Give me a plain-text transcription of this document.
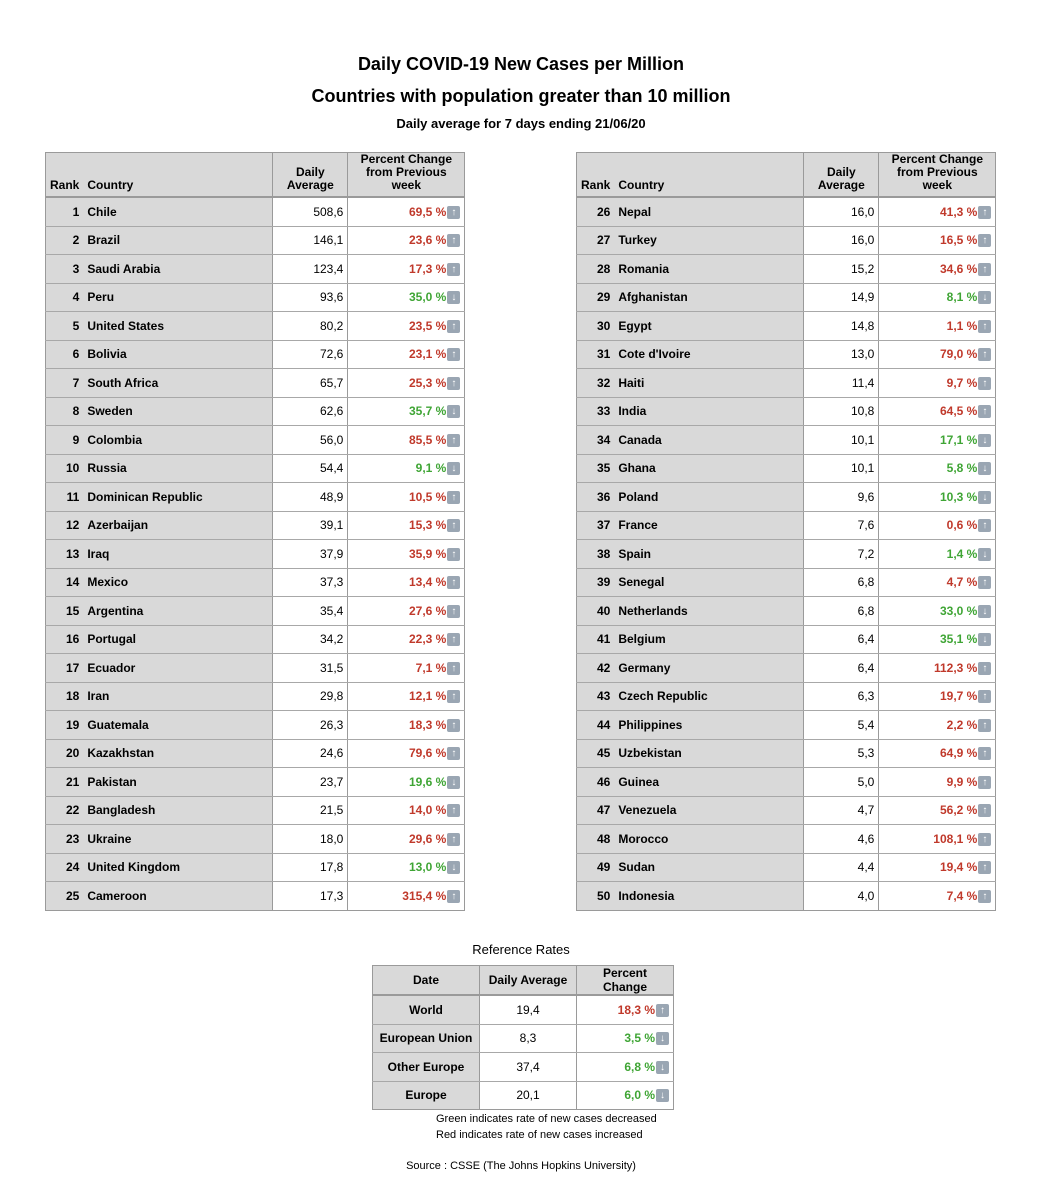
Daily COVID-19 New Cases per Million
Countries with population greater than 10 million
Daily average for 7 days ending 21/06/20
Rank	Country	Daily
Average	Percent Change
from Previous week
1	Chile	508,6	69,5 % ↑
2	Brazil	146,1	23,6 % ↑
3	Saudi Arabia	123,4	17,3 % ↑
4	Peru	93,6	35,0 % ↓
5	United States	80,2	23,5 % ↑
6	Bolivia	72,6	23,1 % ↑
7	South Africa	65,7	25,3 % ↑
8	Sweden	62,6	35,7 % ↓
9	Colombia	56,0	85,5 % ↑
10	Russia	54,4	9,1 % ↓
11	Dominican Republic	48,9	10,5 % ↑
12	Azerbaijan	39,1	15,3 % ↑
13	Iraq	37,9	35,9 % ↑
14	Mexico	37,3	13,4 % ↑
15	Argentina	35,4	27,6 % ↑
16	Portugal	34,2	22,3 % ↑
17	Ecuador	31,5	7,1 % ↑
18	Iran	29,8	12,1 % ↑
19	Guatemala	26,3	18,3 % ↑
20	Kazakhstan	24,6	79,6 % ↑
21	Pakistan	23,7	19,6 % ↓
22	Bangladesh	21,5	14,0 % ↑
23	Ukraine	18,0	29,6 % ↑
24	United Kingdom	17,8	13,0 % ↓
25	Cameroon	17,3	315,4 % ↑
Rank	Country	Daily
Average	Percent Change
from Previous week
26	Nepal	16,0	41,3 % ↑
27	Turkey	16,0	16,5 % ↑
28	Romania	15,2	34,6 % ↑
29	Afghanistan	14,9	8,1 % ↓
30	Egypt	14,8	1,1 % ↑
31	Cote d'Ivoire	13,0	79,0 % ↑
32	Haiti	11,4	9,7 % ↑
33	India	10,8	64,5 % ↑
34	Canada	10,1	17,1 % ↓
35	Ghana	10,1	5,8 % ↓
36	Poland	9,6	10,3 % ↓
37	France	7,6	0,6 % ↑
38	Spain	7,2	1,4 % ↓
39	Senegal	6,8	4,7 % ↑
40	Netherlands	6,8	33,0 % ↓
41	Belgium	6,4	35,1 % ↓
42	Germany	6,4	112,3 % ↑
43	Czech Republic	6,3	19,7 % ↑
44	Philippines	5,4	2,2 % ↑
45	Uzbekistan	5,3	64,9 % ↑
46	Guinea	5,0	9,9 % ↑
47	Venezuela	4,7	56,2 % ↑
48	Morocco	4,6	108,1 % ↑
49	Sudan	4,4	19,4 % ↑
50	Indonesia	4,0	7,4 % ↑
Reference Rates
Date	Daily Average	Percent Change
World	19,4	18,3 % ↑
European Union	8,3	3,5 % ↓
Other Europe	37,4	6,8 % ↓
Europe	20,1	6,0 % ↓
Green indicates rate of new cases decreased
Red indicates rate of new cases increased
Source : CSSE (The Johns Hopkins University)
